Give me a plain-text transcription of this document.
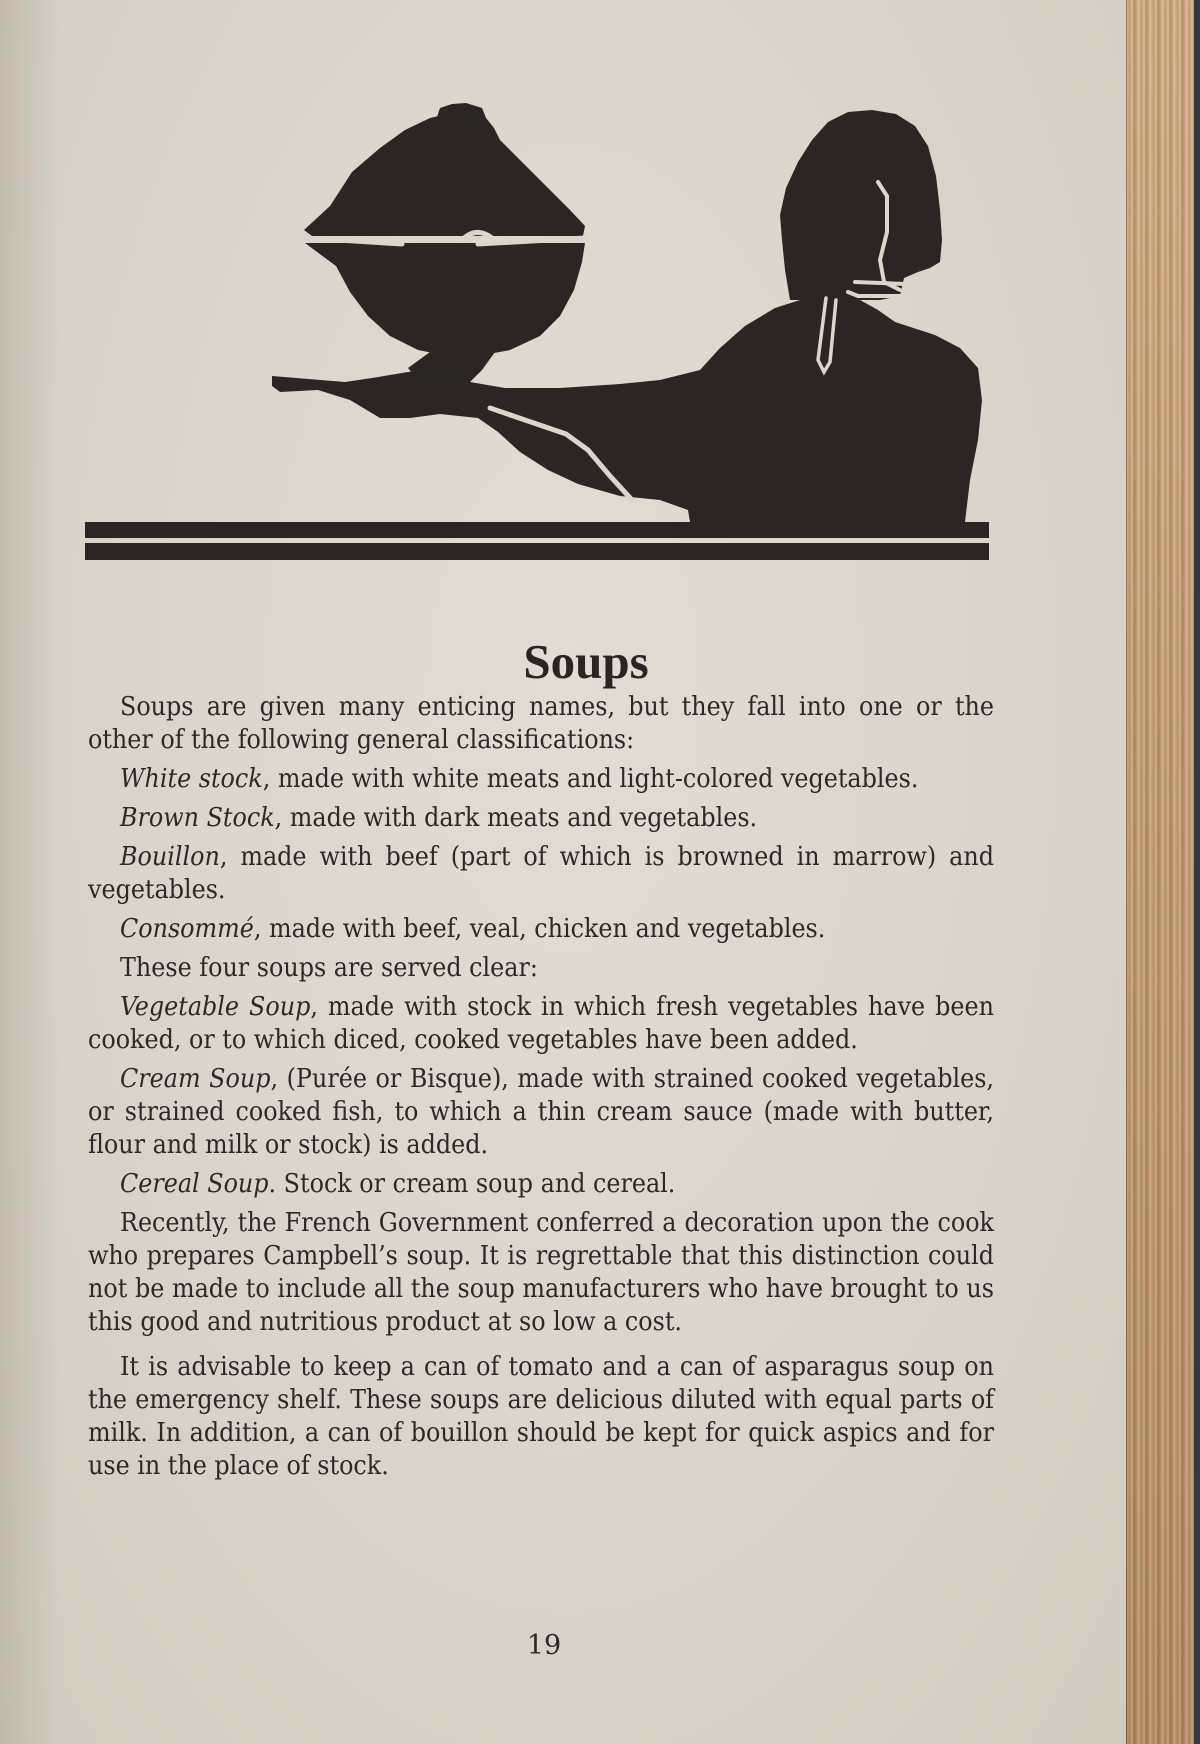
Soups

Soups are given many enticing names, but they fall into one or the other of the following general classifications:

White stock, made with white meats and light-colored vegetables.

Brown Stock, made with dark meats and vegetables.

Bouillon, made with beef (part of which is browned in marrow) and vegetables.

Consommé, made with beef, veal, chicken and vegetables.

These four soups are served clear:

Vegetable Soup, made with stock in which fresh vegetables have been cooked, or to which diced, cooked vegetables have been added.

Cream Soup, (Purée or Bisque), made with strained cooked vegetables, or strained cooked fish, to which a thin cream sauce (made with butter, flour and milk or stock) is added.

Cereal Soup. Stock or cream soup and cereal.

Recently, the French Government conferred a decoration upon the cook who prepares Campbell’s soup. It is regrettable that this distinction could not be made to include all the soup manufacturers who have brought to us this good and nutritious product at so low a cost.

It is advisable to keep a can of tomato and a can of asparagus soup on the emergency shelf. These soups are delicious diluted with equal parts of milk. In addition, a can of bouillon should be kept for quick aspics and for use in the place of stock.

19
